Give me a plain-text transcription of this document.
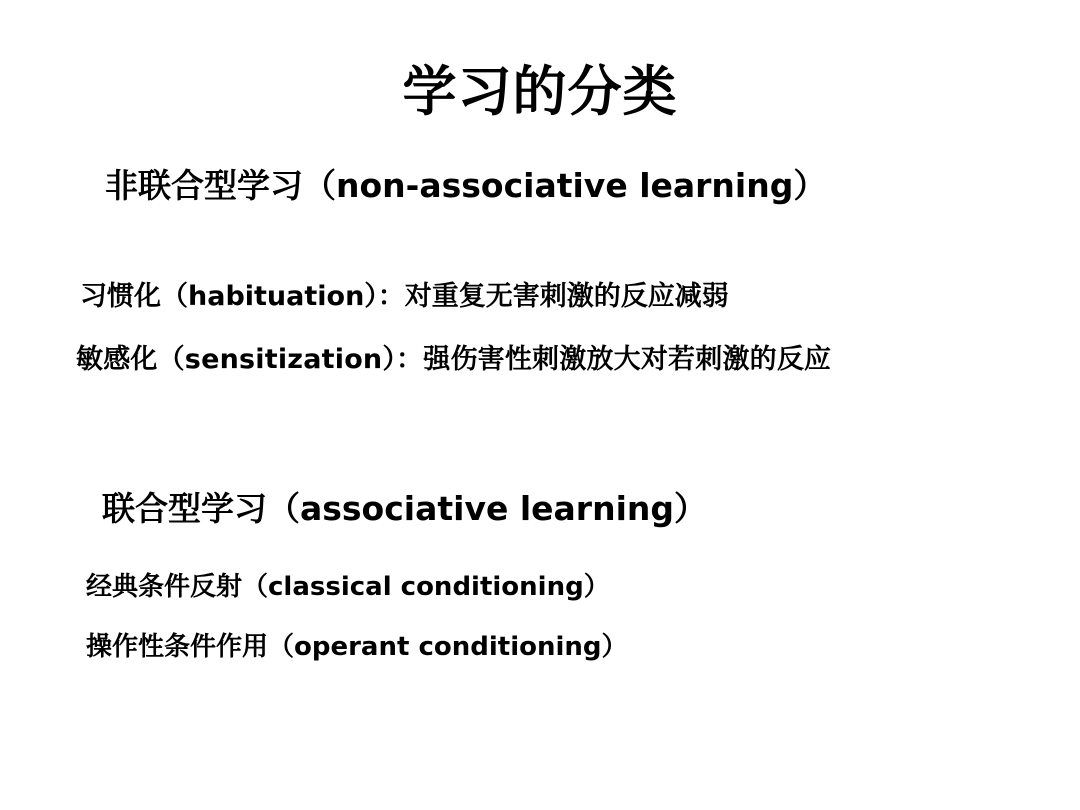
学习的分类
非联合型学习（non-associative learning）
习惯化（habituation）：对重复无害刺激的反应减弱
敏感化（sensitization）：强伤害性刺激放大对若刺激的反应
联合型学习（associative learning）
经典条件反射（classical conditioning）
操作性条件作用（operant conditioning）
